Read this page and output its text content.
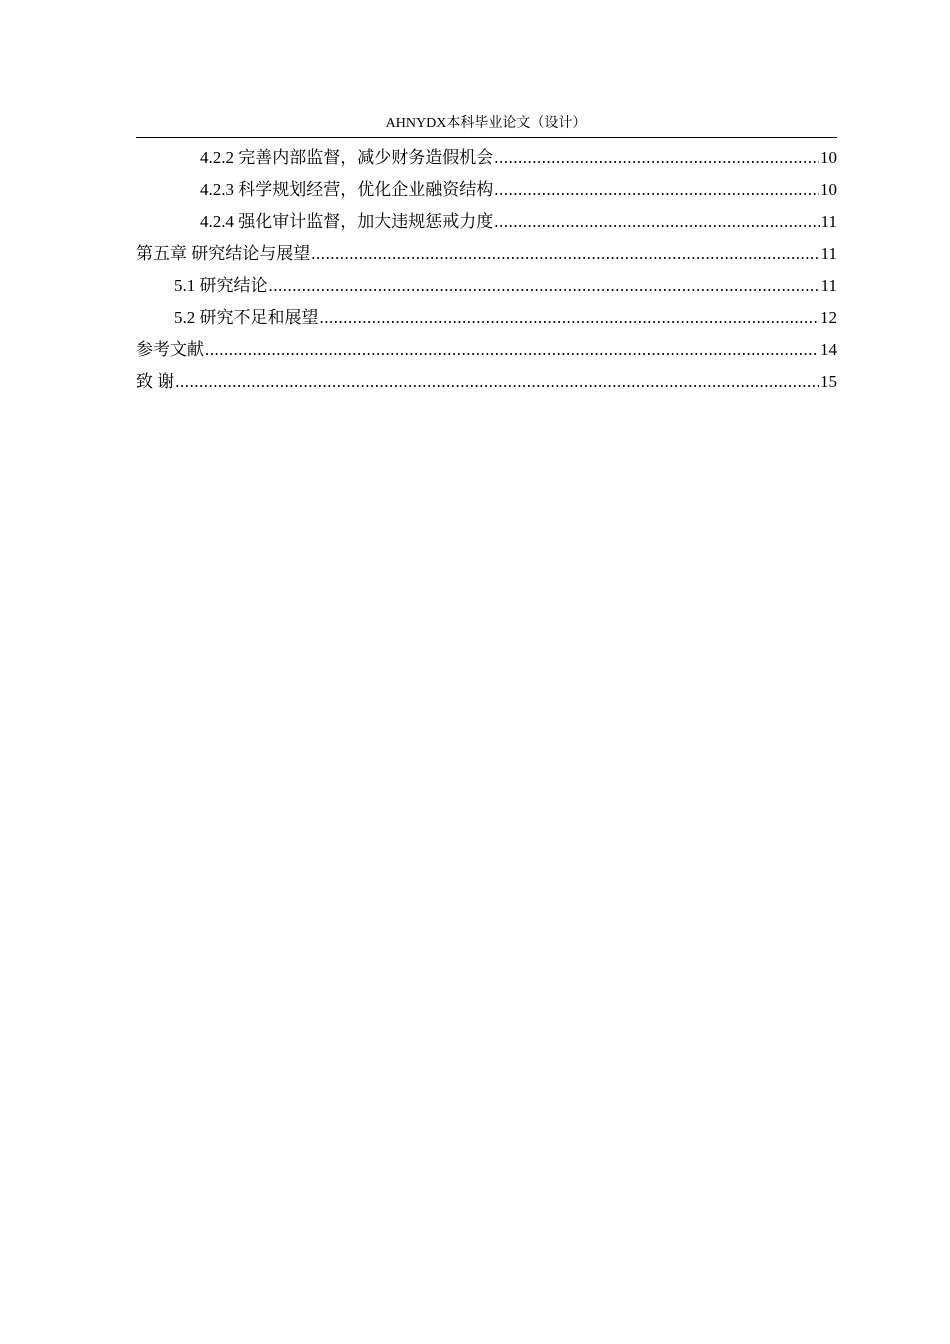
AHNYDX本科毕业论文（设计）
4.2.2 完善内部监督，减少财务造假机会 .....	10
4.2.3 科学规划经营，优化企业融资结构 .....	10
4.2.4 强化审计监督，加大违规惩戒力度 .....	11
第五章 研究结论与展望 .....	11
5.1 研究结论 .....	11
5.2 研究不足和展望 .....	12
参考文献 .....	14
致 谢 .....	15
